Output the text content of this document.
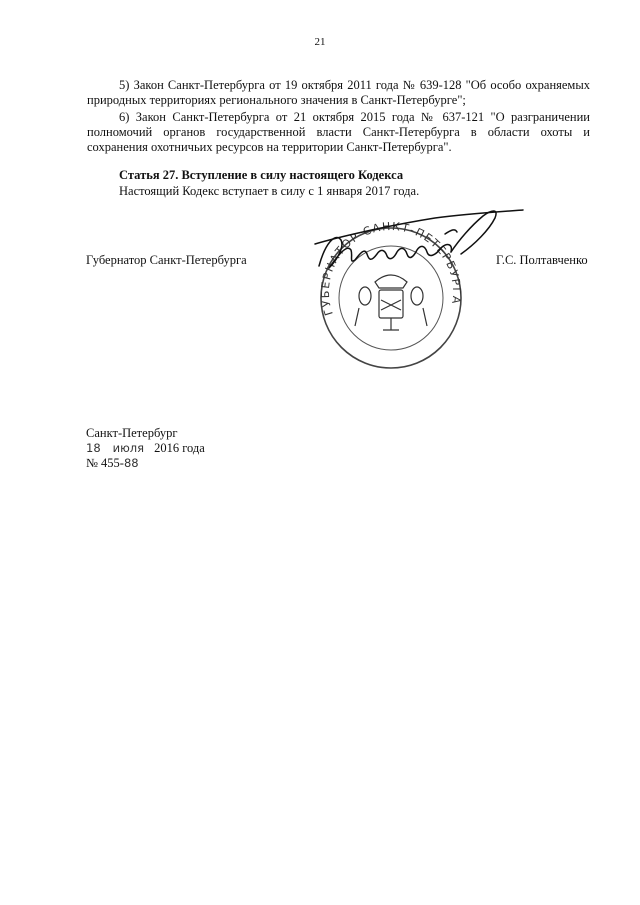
21

5) Закон Санкт-Петербурга от 19 октября 2011 года № 639-128 "Об особо охраняемых природных территориях регионального значения в Санкт-Петербурге";

6) Закон Санкт-Петербурга от 21 октября 2015 года № 637-121 "О разграничении полномочий органов государственной власти Санкт-Петербурга в области охоты и сохранения охотничьих ресурсов на территории Санкт-Петербурга".

Статья 27. Вступление в силу настоящего Кодекса
Настоящий Кодекс вступает в силу с 1 января 2017 года.
Губернатор Санкт-Петербурга
ГУБЕРНАТОР САНКТ-ПЕТЕРБУРГА
Г.С. Полтавченко
Санкт-Петербург
18 июля 2016 года
№ 455-88
